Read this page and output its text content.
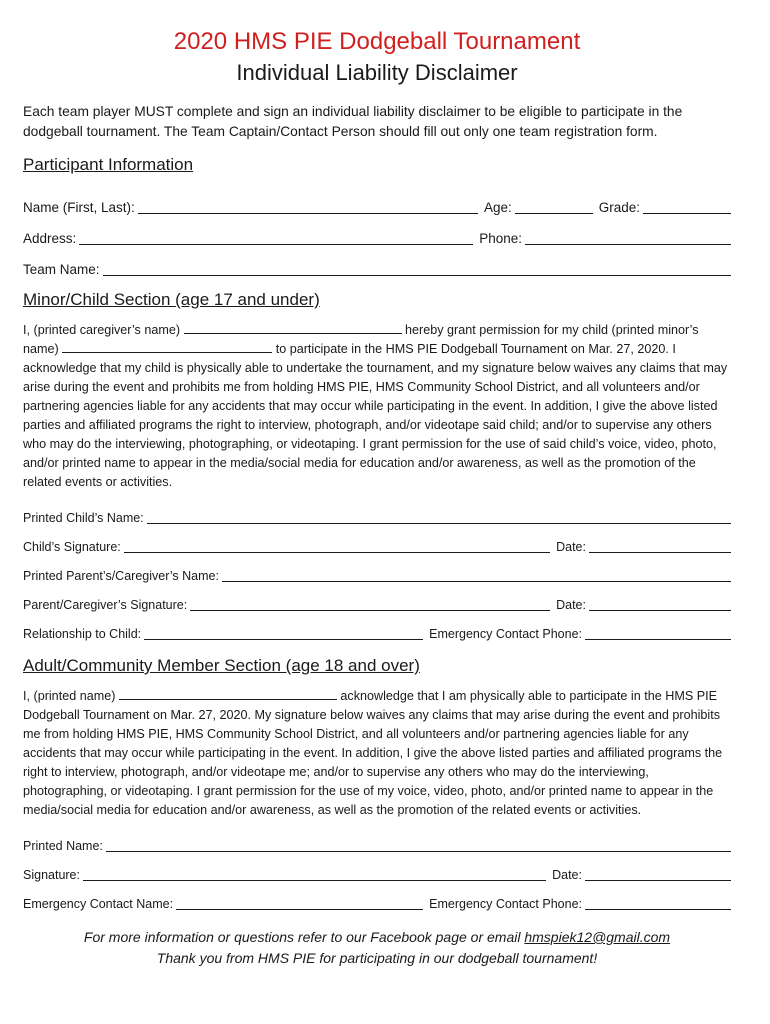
2020 HMS PIE Dodgeball Tournament
Individual Liability Disclaimer
Each team player MUST complete and sign an individual liability disclaimer to be eligible to participate in the dodgeball tournament. The Team Captain/Contact Person should fill out only one team registration form.
Participant Information
Name (First, Last):	Age:	Grade:
Address:	Phone:
Team Name:
Minor/Child Section (age 17 and under)
I, (printed caregiver’s name)	hereby grant permission for my child (printed minor’s name)	to participate in the HMS PIE Dodgeball Tournament on Mar. 27, 2020. I acknowledge that my child is physically able to undertake the tournament, and my signature below waives any claims that may arise during the event and prohibits me from holding HMS PIE, HMS Community School District, and all volunteers and/or partnering agencies liable for any accidents that may occur while participating in the event. In addition, I give the above listed parties and affiliated programs the right to interview, photograph, and/or videotape said child; and/or to supervise any others who may do the interviewing, photographing, or videotaping. I grant permission for the use of said child’s voice, video, photo, and/or printed name to appear in the media/social media for education and/or awareness, as well as the promotion of the related events or activities.
Printed Child’s Name:
Child’s Signature:	Date:
Printed Parent’s/Caregiver’s Name:
Parent/Caregiver’s Signature:	Date:
Relationship to Child:	Emergency Contact Phone:
Adult/Community Member Section (age 18 and over)
I, (printed name)	acknowledge that I am physically able to participate in the HMS PIE Dodgeball Tournament on Mar. 27, 2020. My signature below waives any claims that may arise during the event and prohibits me from holding HMS PIE, HMS Community School District, and all volunteers and/or partnering agencies liable for any accidents that may occur while participating in the event. In addition, I give the above listed parties and affiliated programs the right to interview, photograph, and/or videotape me; and/or to supervise any others who may do the interviewing, photographing, or videotaping. I grant permission for the use of my voice, video, photo, and/or printed name to appear in the media/social media for education and/or awareness, as well as the promotion of the related events or activities.
Printed Name:
Signature:	Date:
Emergency Contact Name:	Emergency Contact Phone:
For more information or questions refer to our Facebook page or email hmspiek12@gmail.com
Thank you from HMS PIE for participating in our dodgeball tournament!
